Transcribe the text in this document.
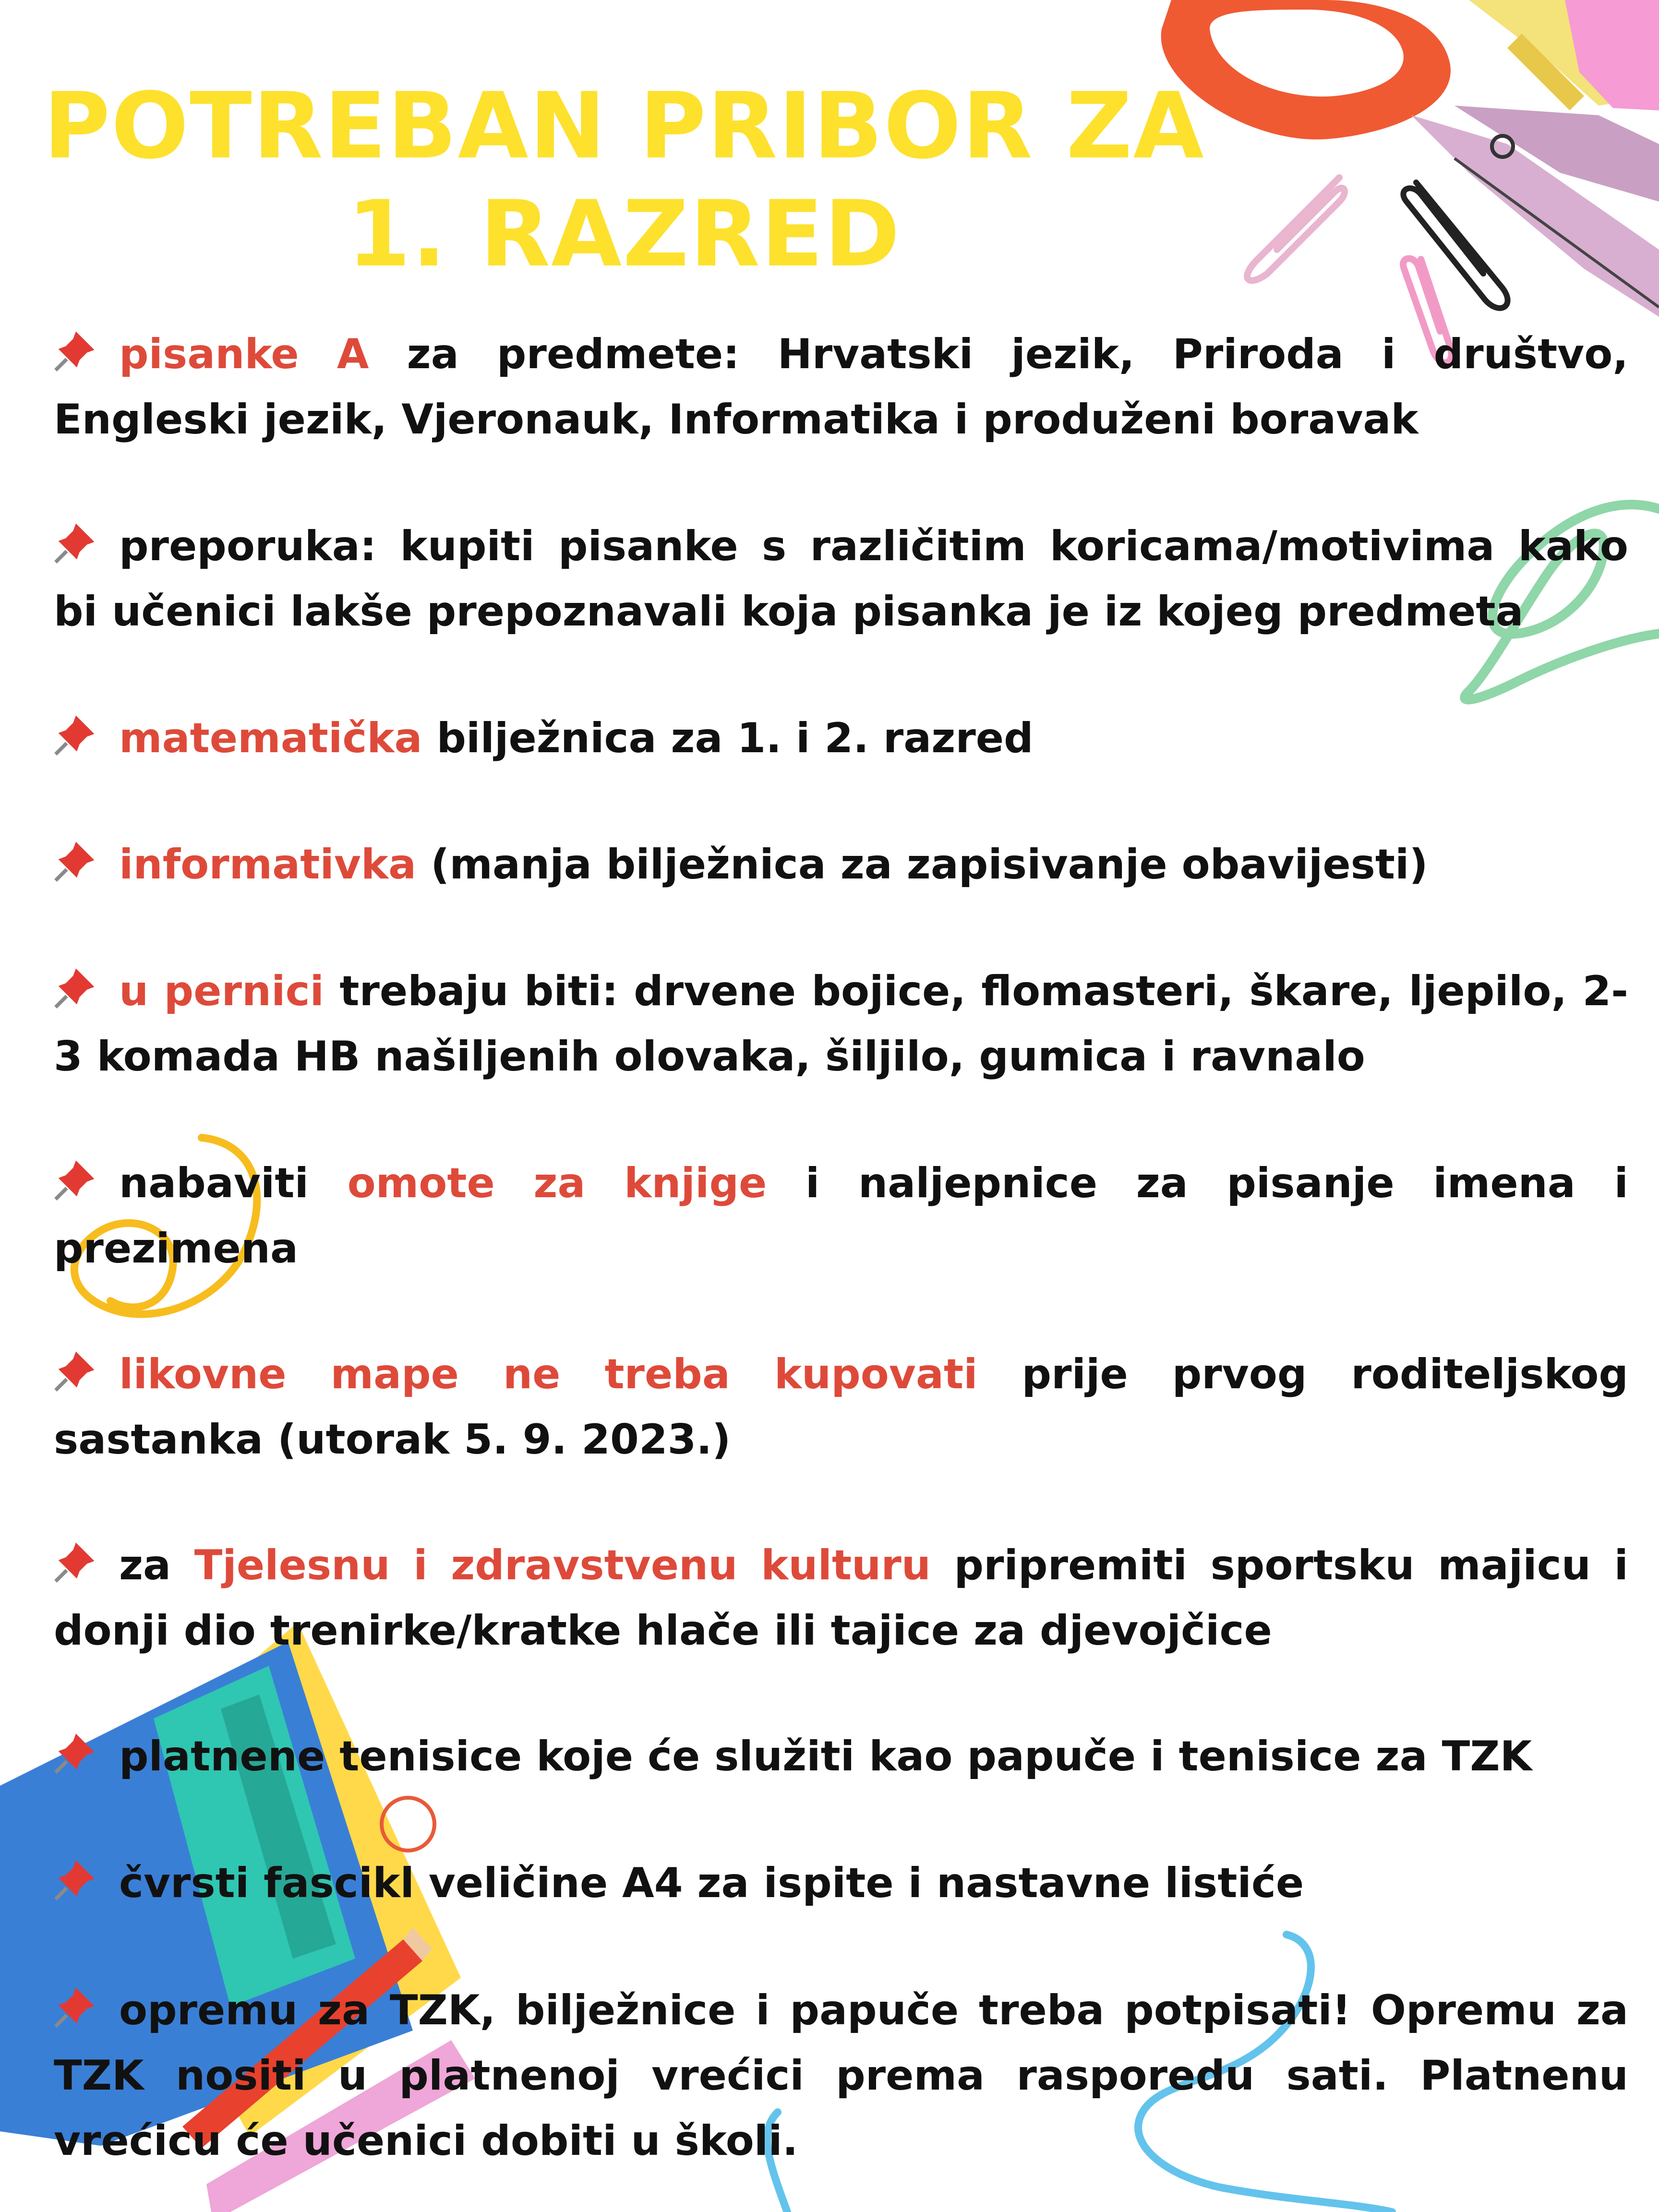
POTREBAN PRIBOR ZA
1. RAZRED
pisanke A za predmete: Hrvatski jezik, Priroda i društvo, Engleski jezik, Vjeronauk, Informatika i produženi boravak
preporuka: kupiti pisanke s različitim koricama/motivima kako bi učenici lakše prepoznavali koja pisanka je iz kojeg predmeta
matematička bilježnica za 1. i 2. razred
informativka (manja bilježnica za zapisivanje obavijesti)
u pernici trebaju biti: drvene bojice, flomasteri, škare, ljepilo, 2-3 komada HB našiljenih olovaka, šiljilo, gumica i ravnalo
nabaviti omote za knjige i naljepnice za pisanje imena i prezimena
likovne mape ne treba kupovati prije prvog roditeljskog sastanka (utorak 5. 9. 2023.)
za Tjelesnu i zdravstvenu kulturu pripremiti sportsku majicu i donji dio trenirke/kratke hlače ili tajice za djevojčice
platnene tenisice koje će služiti kao papuče i tenisice za TZK
čvrsti fascikl veličine A4 za ispite i nastavne listiće
opremu za TZK, bilježnice i papuče treba potpisati! Opremu za TZK nositi u platnenoj vrećici prema rasporedu sati. Platnenu vrećicu će učenici dobiti u školi.
